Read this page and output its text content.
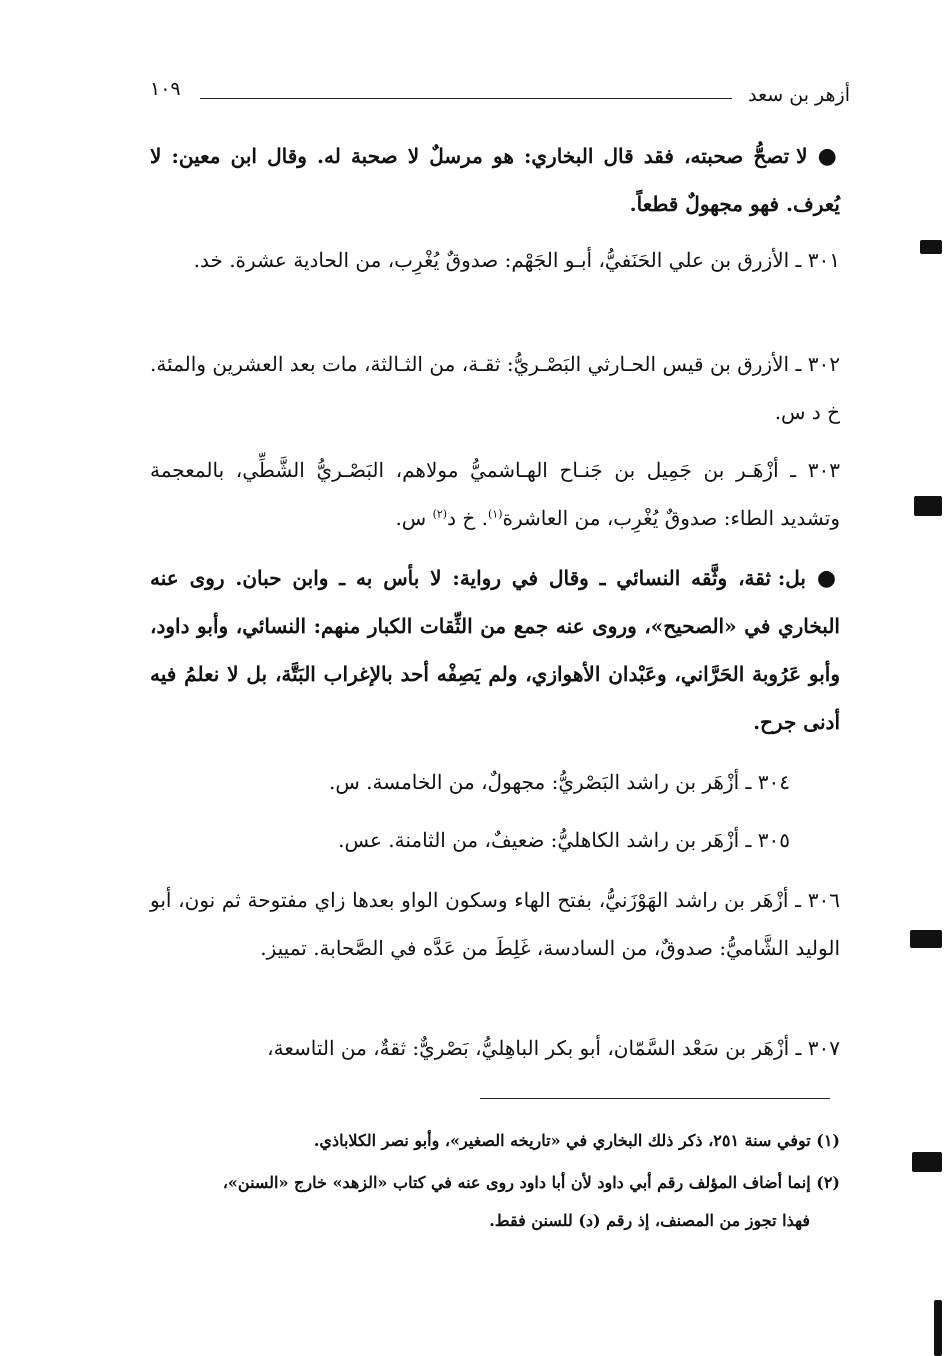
١٠٩	أزهر بن سعد
● لا تصحُّ صحبته، فقد قال البخاري: هو مرسلٌ لا صحبة له. وقال ابن معين: لا يُعرف. فهو مجهولٌ قطعاً.
٣٠١ ـ الأزرق بن علي الحَنَفيُّ، أبـو الجَهْم: صدوقٌ يُغْرِب، من الحادية عشرة. خد.
٣٠٢ ـ الأزرق بن قيس الحـارثي البَصْـريُّ: ثقـة، من الثـالثة، مات بعد العشرين والمئة. خ د س.
٣٠٣ ـ أزْهَـر بن جَمِيل بن جَنـاح الهـاشميُّ مولاهم، البَصْـريُّ الشَّطِّي، بالمعجمة وتشديد الطاء: صدوقٌ يُغْرِب، من العاشرة$^{(١)}$. خ د$^{(٢)}$ س.
● بل: ثقة، وثَّقه النسائي ـ وقال في رواية: لا بأس به ـ وابن حبان. روى عنه البخاري في «الصحيح»، وروى عنه جمع من الثِّقات الكبار منهم: النسائي، وأبو داود، وأبو عَرُوبة الحَرَّاني، وعَبْدان الأهوازي، ولم يَصِفْه أحد بالإغراب البَتَّة، بل لا نعلمُ فيه أدنى جرح.
٣٠٤ ـ أزْهَر بن راشد البَصْريُّ: مجهولٌ، من الخامسة. س.
٣٠٥ ـ أزْهَر بن راشد الكاهليُّ: ضعيفٌ، من الثامنة. عس.
٣٠٦ ـ أزْهَر بن راشد الهَوْزَنيُّ، بفتح الهاء وسكون الواو بعدها زاي مفتوحة ثم نون، أبو الوليد الشَّاميُّ: صدوقٌ، من السادسة، غَلِطَ من عَدَّه في الصَّحابة. تمييز.
٣٠٧ ـ أزْهَر بن سَعْد السَّمّان، أبو بكر الباهِليُّ، بَصْريٌّ: ثقةٌ، من التاسعة،
(١) توفي سنة ٢٥١، ذكر ذلك البخاري في «تاريخه الصغير»، وأبو نصر الكلاباذي.
(٢) إنما أضاف المؤلف رقم أبي داود لأن أبا داود روى عنه في كتاب «الزهد» خارج «السنن»،
فهذا تجوز من المصنف، إذ رقم (د) للسنن فقط.
